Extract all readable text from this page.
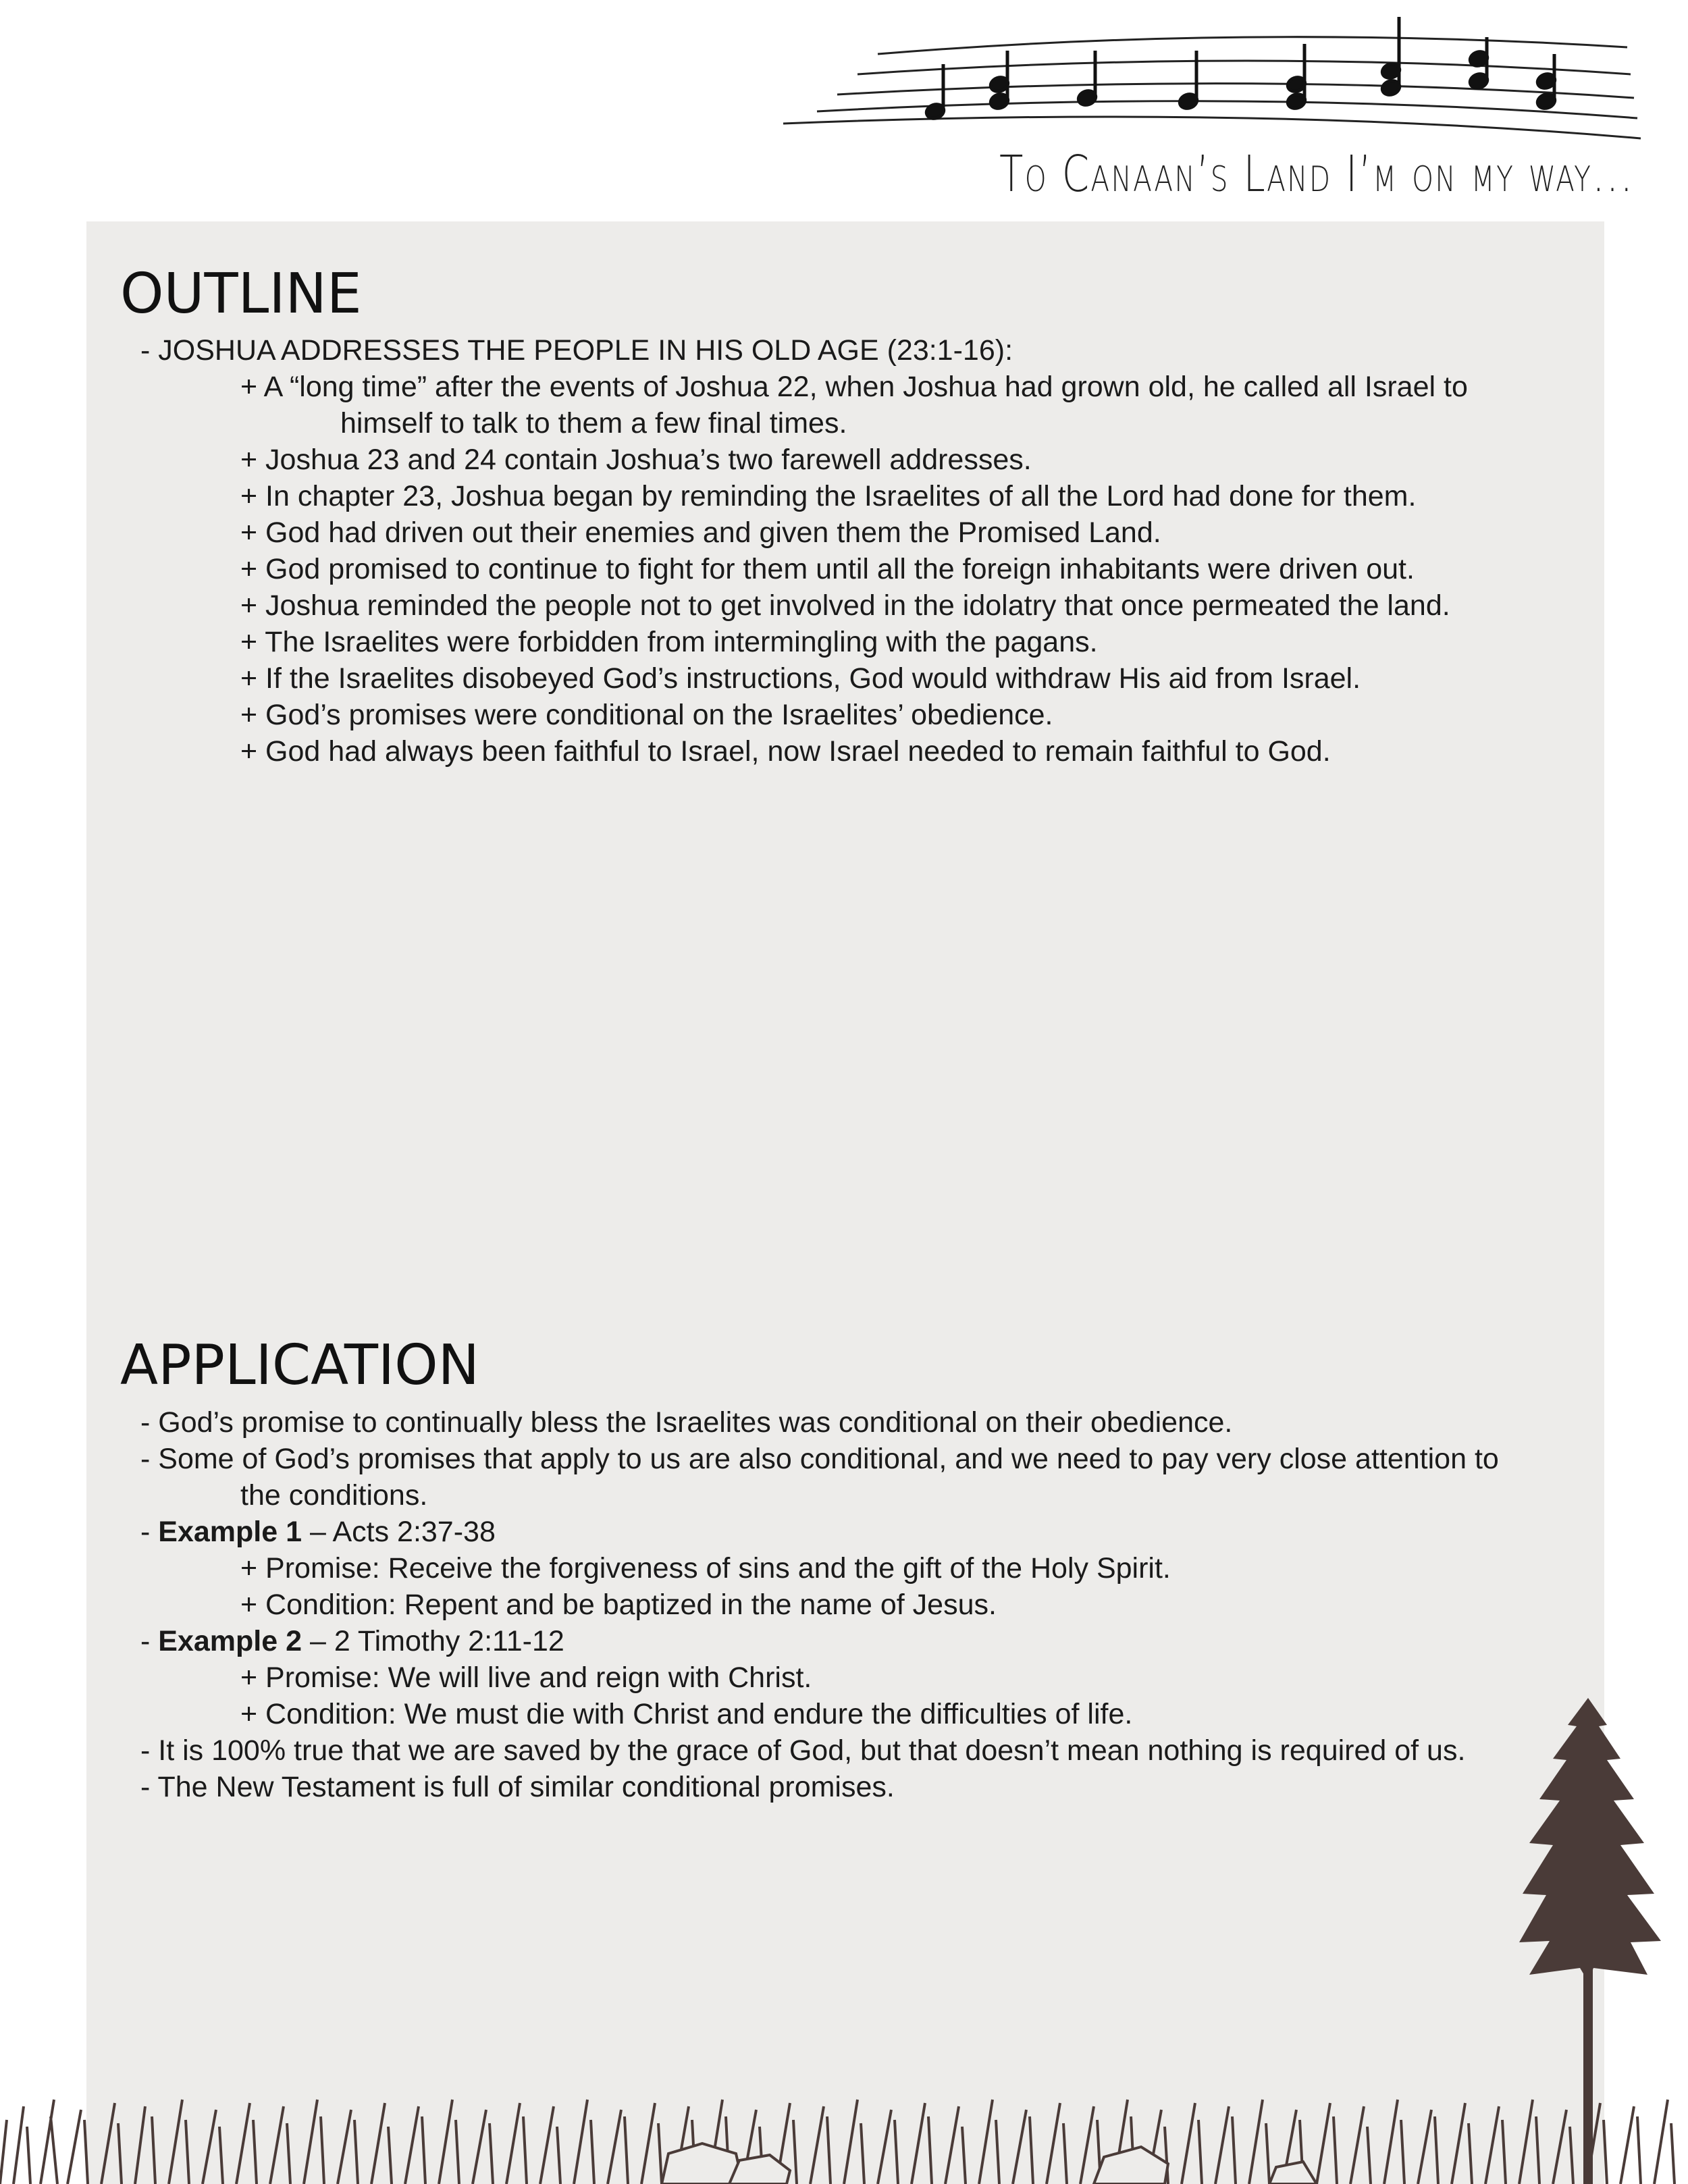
To Canaan’s Land I’m on my way...
OUTLINE
- JOSHUA ADDRESSES THE PEOPLE IN HIS OLD AGE (23:1-16):
+ A “long time” after the events of Joshua 22, when Joshua had grown old, he called all Israel to
himself to talk to them a few final times.
+ Joshua 23 and 24 contain Joshua’s two farewell addresses.
+ In chapter 23, Joshua began by reminding the Israelites of all the Lord had done for them.
+ God had driven out their enemies and given them the Promised Land.
+ God promised to continue to fight for them until all the foreign inhabitants were driven out.
+ Joshua reminded the people not to get involved in the idolatry that once permeated the land.
+ The Israelites were forbidden from intermingling with the pagans.
+ If the Israelites disobeyed God’s instructions, God would withdraw His aid from Israel.
+ God’s promises were conditional on the Israelites’ obedience.
+ God had always been faithful to Israel, now Israel needed to remain faithful to God.
APPLICATION
- God’s promise to continually bless the Israelites was conditional on their obedience.
- Some of God’s promises that apply to us are also conditional, and we need to pay very close attention to
the conditions.
- Example 1 – Acts 2:37-38
+ Promise: Receive the forgiveness of sins and the gift of the Holy Spirit.
+ Condition: Repent and be baptized in the name of Jesus.
- Example 2 – 2 Timothy 2:11-12
+ Promise: We will live and reign with Christ.
+ Condition: We must die with Christ and endure the difficulties of life.
- It is 100% true that we are saved by the grace of God, but that doesn’t mean nothing is required of us.
- The New Testament is full of similar conditional promises.
